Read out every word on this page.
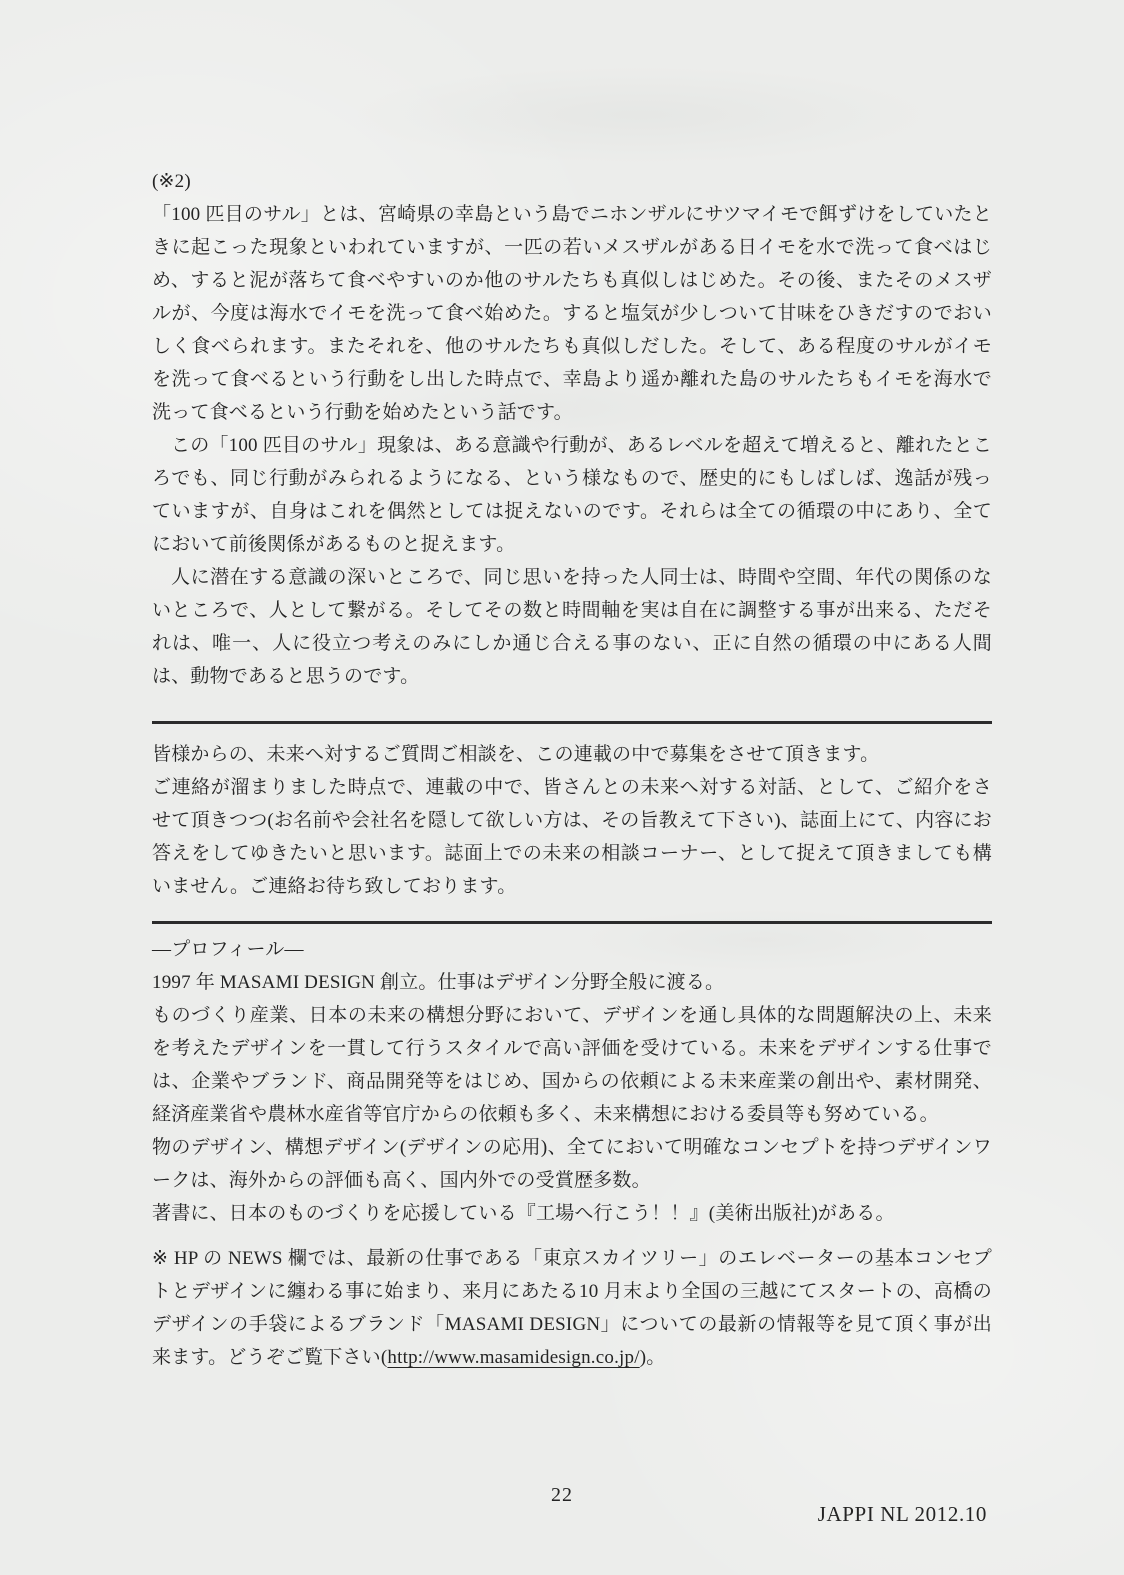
(※2)

「100 匹目のサル」とは、宮崎県の幸島という島でニホンザルにサツマイモで餌ずけをしていたときに起こった現象といわれていますが、一匹の若いメスザルがある日イモを水で洗って食べはじめ、すると泥が落ちて食べやすいのか他のサルたちも真似しはじめた。その後、またそのメスザルが、今度は海水でイモを洗って食べ始めた。すると塩気が少しついて甘味をひきだすのでおいしく食べられます。またそれを、他のサルたちも真似しだした。そして、ある程度のサルがイモを洗って食べるという行動をし出した時点で、幸島より遥か離れた島のサルたちもイモを海水で洗って食べるという行動を始めたという話です。

この「100 匹目のサル」現象は、ある意識や行動が、あるレベルを超えて増えると、離れたところでも、同じ行動がみられるようになる、という様なもので、歴史的にもしばしば、逸話が残っていますが、自身はこれを偶然としては捉えないのです。それらは全ての循環の中にあり、全てにおいて前後関係があるものと捉えます。

人に潜在する意識の深いところで、同じ思いを持った人同士は、時間や空間、年代の関係のないところで、人として繋がる。そしてその数と時間軸を実は自在に調整する事が出来る、ただそれは、唯一、人に役立つ考えのみにしか通じ合える事のない、正に自然の循環の中にある人間は、動物であると思うのです。

皆様からの、未来へ対するご質問ご相談を、この連載の中で募集をさせて頂きます。

ご連絡が溜まりました時点で、連載の中で、皆さんとの未来へ対する対話、として、ご紹介をさせて頂きつつ(お名前や会社名を隠して欲しい方は、その旨教えて下さい)、誌面上にて、内容にお答えをしてゆきたいと思います。誌面上での未来の相談コーナー、として捉えて頂きましても構いません。ご連絡お待ち致しております。

―プロフィール―

1997 年 MASAMI DESIGN 創立。仕事はデザイン分野全般に渡る。

ものづくり産業、日本の未来の構想分野において、デザインを通し具体的な問題解決の上、未来を考えたデザインを一貫して行うスタイルで高い評価を受けている。未来をデザインする仕事では、企業やブランド、商品開発等をはじめ、国からの依頼による未来産業の創出や、素材開発、経済産業省や農林水産省等官庁からの依頼も多く、未来構想における委員等も努めている。

物のデザイン、構想デザイン(デザインの応用)、全てにおいて明確なコンセプトを持つデザインワークは、海外からの評価も高く、国内外での受賞歴多数。

著書に、日本のものづくりを応援している『工場へ行こう！！』(美術出版社)がある。

※ HP の NEWS 欄では、最新の仕事である「東京スカイツリー」のエレベーターの基本コンセプトとデザインに纏わる事に始まり、来月にあたる10 月末より全国の三越にてスタートの、高橋のデザインの手袋によるブランド「MASAMI DESIGN」についての最新の情報等を見て頂く事が出来ます。どうぞご覧下さい(http://www.masamidesign.co.jp/)。

22
JAPPI NL 2012.10
